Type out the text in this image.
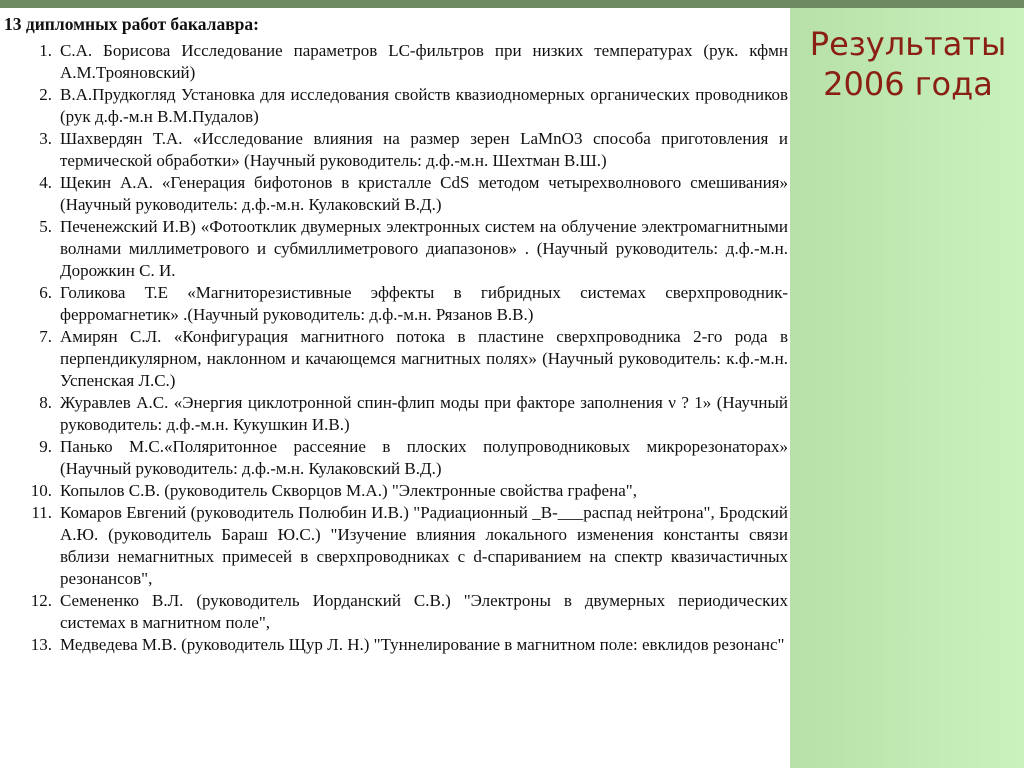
13 дипломных работ бакалавра:
1. С.А. Борисова Исследование параметров LC-фильтров при низких температурах (рук. кфмн А.М.Трояновский)
2. В.А.Прудкогляд Установка для исследования свойств квазиодномерных органических проводников (рук д.ф.-м.н В.М.Пудалов)
3. Шахвердян Т.А. «Исследование влияния на размер зерен LaMnO3 способа приготовления и термической обработки» (Научный руководитель: д.ф.-м.н. Шехтман В.Ш.)
4. Щекин А.А. «Генерация бифотонов в кристалле CdS методом четырехволнового смешивания» (Научный руководитель: д.ф.-м.н. Кулаковский В.Д.)
5. Печенежский И.В) «Фотоотклик двумерных электронных систем на облучение электромагнитными волнами миллиметрового и субмиллиметрового диапазонов» . (Научный руководитель: д.ф.-м.н. Дорожкин С. И.
6. Голикова Т.Е «Магниторезистивные эффекты в гибридных системах сверхпроводник-ферромагнетик» .(Научный руководитель: д.ф.-м.н. Рязанов В.В.)
7. Амирян С.Л. «Конфигурация магнитного потока в пластине сверхпроводника 2-го рода в перпендикулярном, наклонном и качающемся магнитных полях» (Научный руководитель: к.ф.-м.н. Успенская Л.С.)
8. Журавлев А.С. «Энергия циклотронной спин-флип моды при факторе заполнения ν ? 1» (Научный руководитель: д.ф.-м.н. Кукушкин И.В.)
9. Панько М.С.«Поляритонное рассеяние в плоских полупроводниковых микрорезонаторах» (Научный руководитель: д.ф.-м.н. Кулаковский В.Д.)
10. Копылов С.В. (руководитель Скворцов М.А.) "Электронные свойства графена",
11. Комаров Евгений (руководитель Полюбин И.В.) "Радиационный _B-___распад нейтрона", Бродский А.Ю. (руководитель Бараш Ю.С.) "Изучение влияния локального изменения константы связи вблизи немагнитных примесей в сверхпроводниках с d-спариванием на спектр квазичастичных резонансов",
12. Семененко В.Л. (руководитель Иорданский С.В.) "Электроны в двумерных периодических системах в магнитном поле",
13. Медведева М.В. (руководитель Щур Л. Н.) "Туннелирование в магнитном поле: евклидов резонанс"
Результаты
2006 года
